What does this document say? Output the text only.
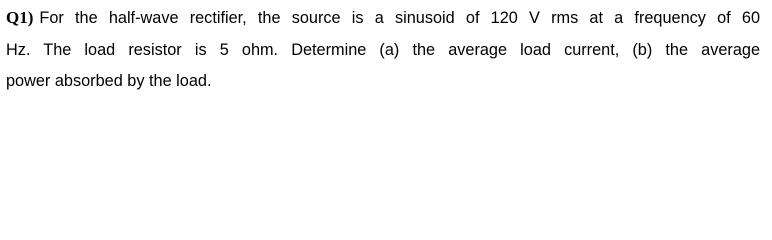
Q1) For the half-wave rectifier, the source is a sinusoid of 120 V rms at a frequency of 60
Hz. The load resistor is 5 ohm. Determine (a) the average load current, (b) the average
power absorbed by the load.
